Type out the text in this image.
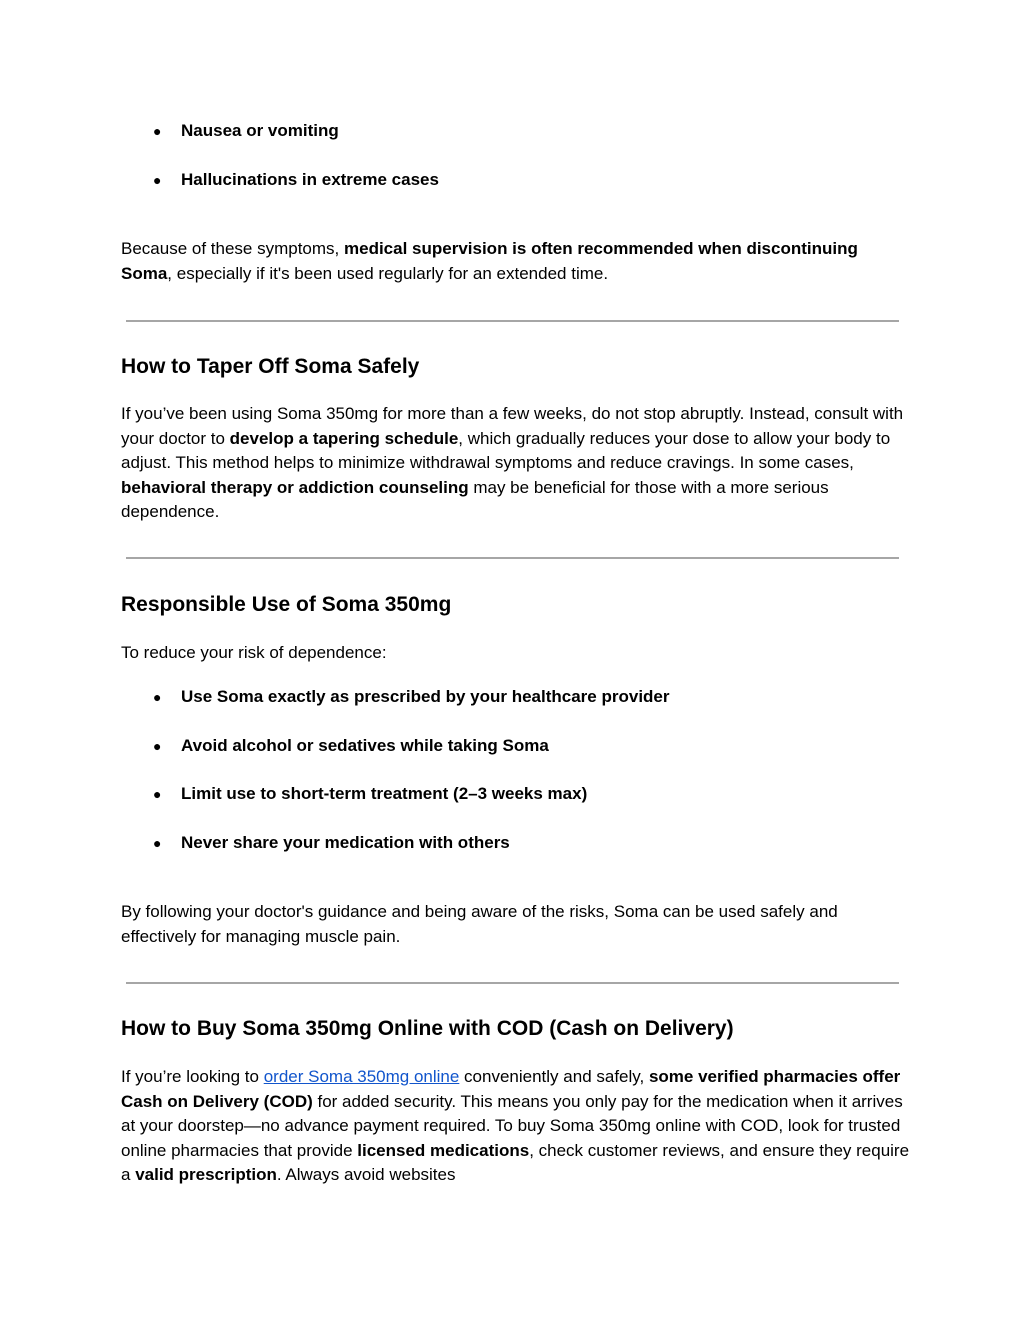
● Nausea or vomiting
● Hallucinations in extreme cases

Because of these symptoms, medical supervision is often recommended when discontinuing Soma, especially if it's been used regularly for an extended time.

How to Taper Off Soma Safely

If you’ve been using Soma 350mg for more than a few weeks, do not stop abruptly. Instead, consult with your doctor to develop a tapering schedule, which gradually reduces your dose to allow your body to adjust. This method helps to minimize withdrawal symptoms and reduce cravings. In some cases, behavioral therapy or addiction counseling may be beneficial for those with a more serious dependence.

Responsible Use of Soma 350mg

To reduce your risk of dependence:

● Use Soma exactly as prescribed by your healthcare provider
● Avoid alcohol or sedatives while taking Soma
● Limit use to short-term treatment (2–3 weeks max)
● Never share your medication with others

By following your doctor's guidance and being aware of the risks, Soma can be used safely and effectively for managing muscle pain.

How to Buy Soma 350mg Online with COD (Cash on Delivery)

If you’re looking to order Soma 350mg online conveniently and safely, some verified pharmacies offer Cash on Delivery (COD) for added security. This means you only pay for the medication when it arrives at your doorstep—no advance payment required. To buy Soma 350mg online with COD, look for trusted online pharmacies that provide licensed medications, check customer reviews, and ensure they require a valid prescription. Always avoid websites
